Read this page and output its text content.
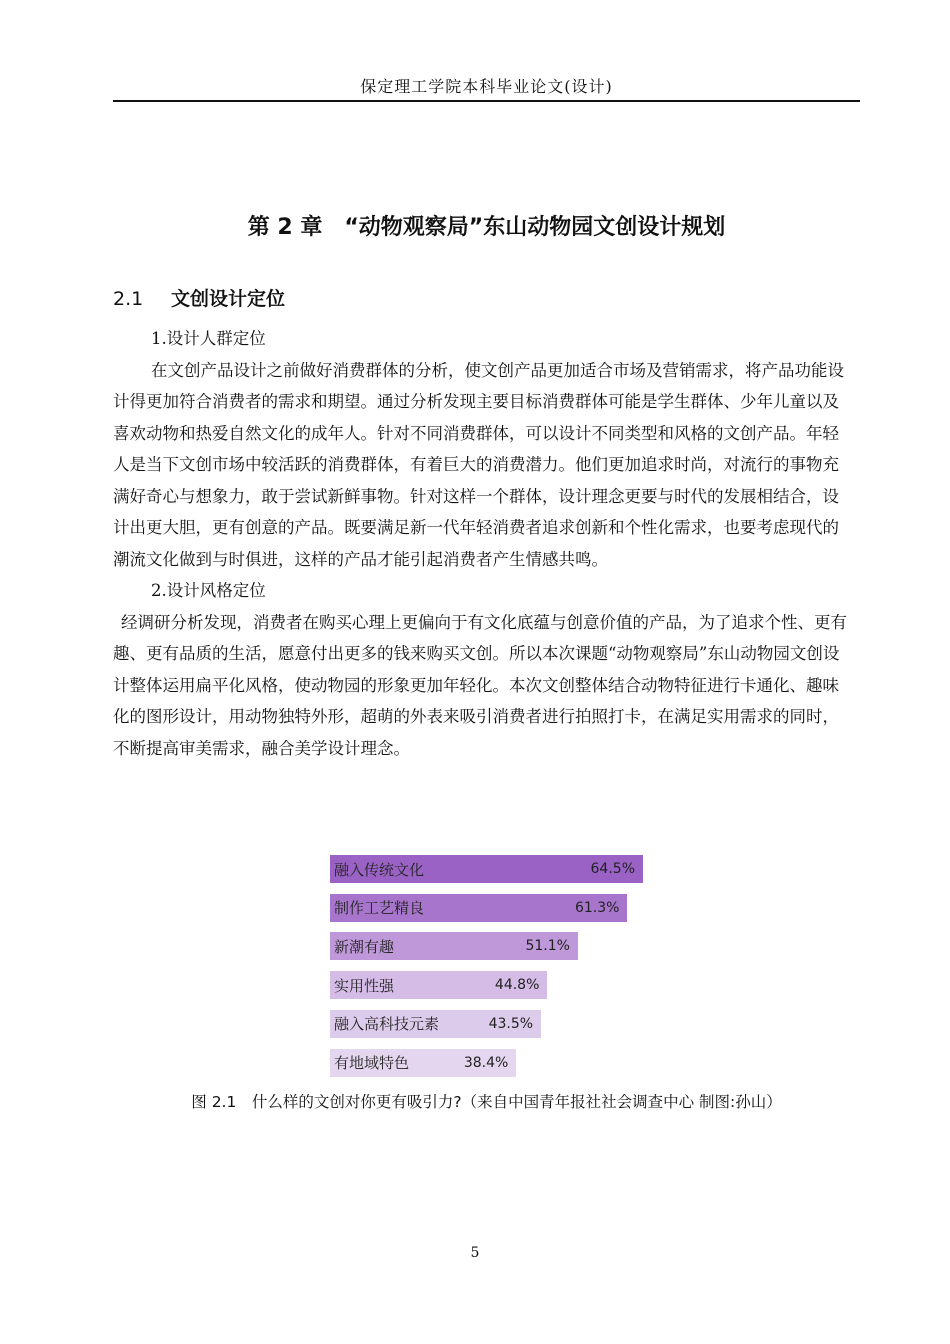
保定理工学院本科毕业论文(设计)
第 2 章　“动物观察局”东山动物园文创设计规划
2.1 文创设计定位

1.设计人群定位

在文创产品设计之前做好消费群体的分析，使文创产品更加适合市场及营销需求，将产品功能设计得更加符合消费者的需求和期望。通过分析发现主要目标消费群体可能是学生群体、少年儿童以及喜欢动物和热爱自然文化的成年人。针对不同消费群体，可以设计不同类型和风格的文创产品。年轻人是当下文创市场中较活跃的消费群体，有着巨大的消费潜力。他们更加追求时尚，对流行的事物充满好奇心与想象力，敢于尝试新鲜事物。针对这样一个群体，设计理念更要与时代的发展相结合，设计出更大胆，更有创意的产品。既要满足新一代年轻消费者追求创新和个性化需求，也要考虑现代的潮流文化做到与时俱进，这样的产品才能引起消费者产生情感共鸣。

2.设计风格定位

经调研分析发现，消费者在购买心理上更偏向于有文化底蕴与创意价值的产品，为了追求个性、更有趣、更有品质的生活，愿意付出更多的钱来购买文创。所以本次课题“动物观察局”东山动物园文创设计整体运用扁平化风格，使动物园的形象更加年轻化。本次文创整体结合动物特征进行卡通化、趣味化的图形设计，用动物独特外形，超萌的外表来吸引消费者进行拍照打卡，在满足实用需求的同时，不断提高审美需求，融合美学设计理念。

融入传统文化	64.5%
制作工艺精良	61.3%
新潮有趣	51.1%
实用性强	44.8%
融入高科技元素	43.5%
有地域特色	38.4%
图 2.1　什么样的文创对你更有吸引力?（来自中国青年报社社会调查中心 制图:孙山）
5
